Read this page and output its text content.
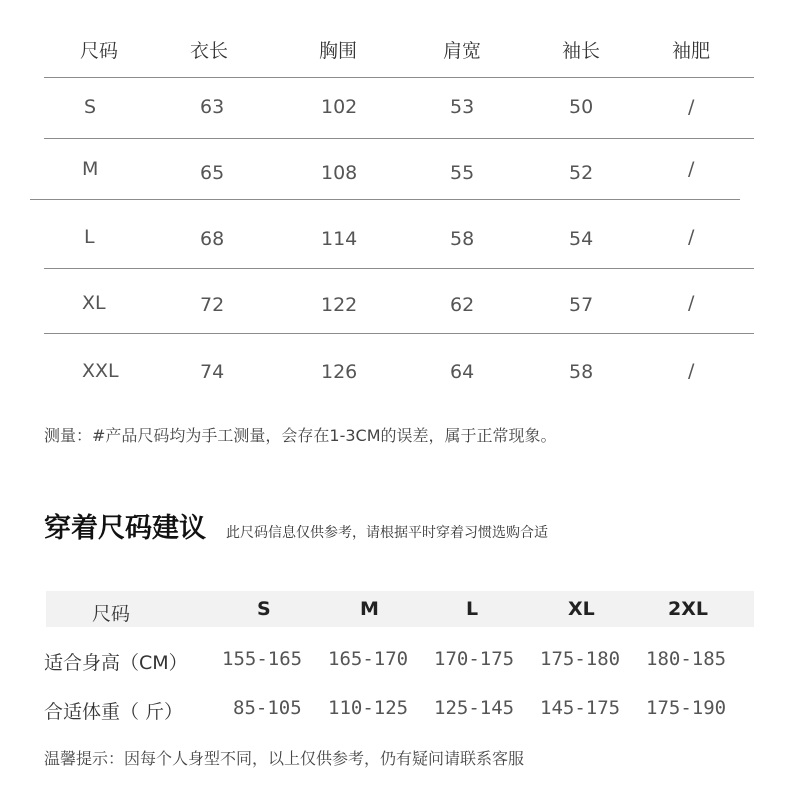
尺码	衣长	胸围	肩宽	袖长	袖肥
S	63	102	53	50	/
M	65	108	55	52	/
L	68	114	58	54	/
XL	72	122	62	57	/
XXL	74	126	64	58	/
测量：#产品尺码均为手工测量，会存在1-3CM的误差，属于正常现象。
穿着尺码建议 此尺码信息仅供参考，请根据平时穿着习惯选购合适
尺码	S	M	L	XL	2XL
适合身高（CM） 155-165 165-170 170-175 175-180 180-185
合适体重（ 斤）	85-105 110-125 125-145 145-175 175-190
温馨提示：因每个人身型不同，以上仅供参考，仍有疑问请联系客服
